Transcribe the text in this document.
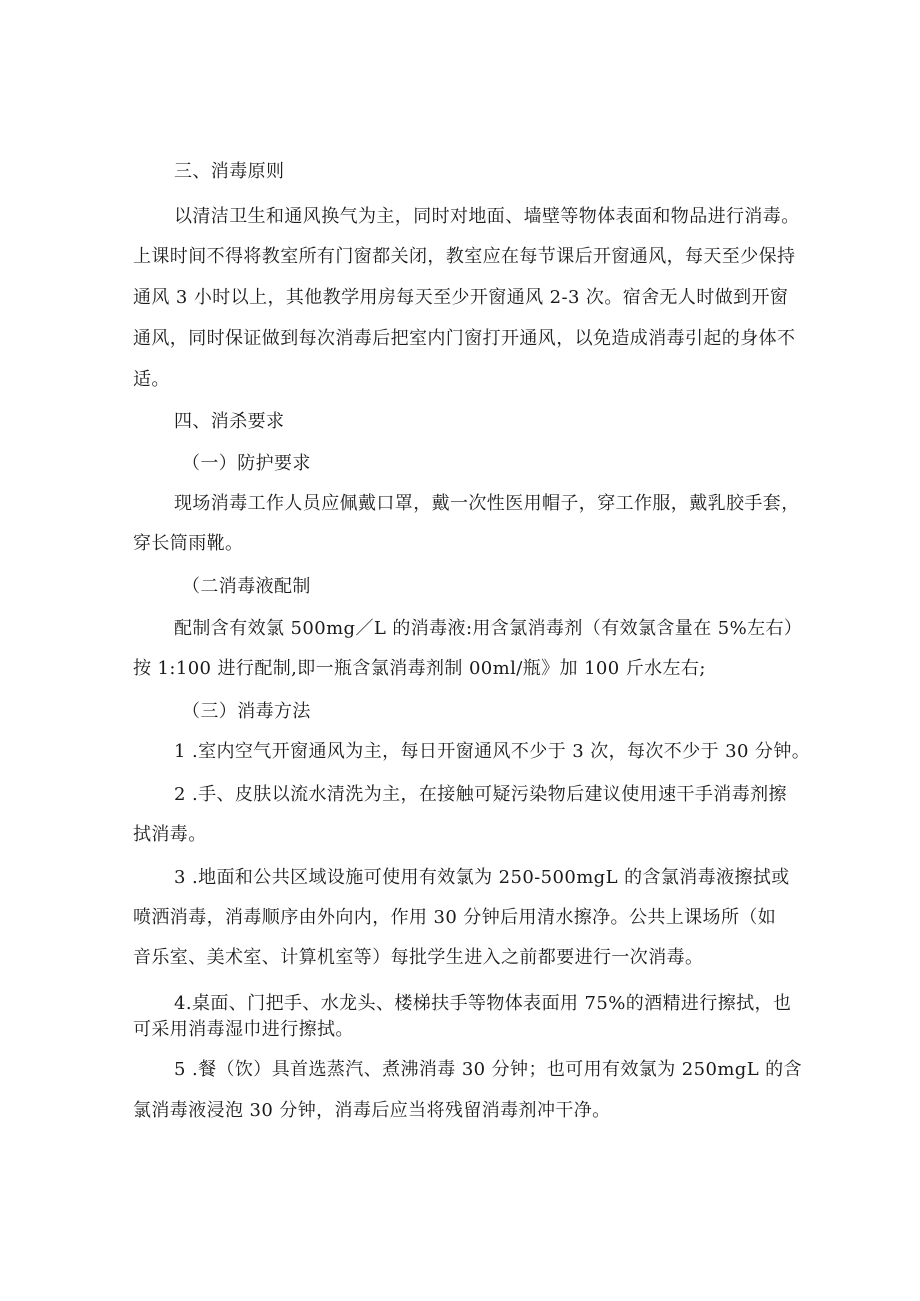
三、消毒原则

以清洁卫生和通风换气为主，同时对地面、墙壁等物体表面和物品进行消毒。

上课时间不得将教室所有门窗都关闭，教室应在每节课后开窗通风，每天至少保持

通风 3 小时以上，其他教学用房每天至少开窗通风 2-3 次。宿舍无人时做到开窗

通风，同时保证做到每次消毒后把室内门窗打开通风，以免造成消毒引起的身体不

适。

四、消杀要求

（一）防护要求

现场消毒工作人员应佩戴口罩，戴一次性医用帽子，穿工作服，戴乳胶手套，

穿长筒雨靴。

（二消毒液配制

配制含有效氯 500mg／L 的消毒液:用含氯消毒剂（有效氯含量在 5%左右）

按 1:100 进行配制,即一瓶含氯消毒剂制 00ml/瓶》加 100 斤水左右;

（三）消毒方法

1 .室内空气开窗通风为主，每日开窗通风不少于 3 次，每次不少于 30 分钟。

2 .手、皮肤以流水清洗为主，在接触可疑污染物后建议使用速干手消毒剂擦

拭消毒。

3 .地面和公共区域设施可使用有效氯为 250-500mgL 的含氯消毒液擦拭或

喷洒消毒，消毒顺序由外向内，作用 30 分钟后用清水擦净。公共上课场所（如

音乐室、美术室、计算机室等）每批学生进入之前都要进行一次消毒。

4.桌面、门把手、水龙头、楼梯扶手等物体表面用 75%的酒精进行擦拭，也

可采用消毒湿巾进行擦拭。

5 .餐（饮）具首选蒸汽、煮沸消毒 30 分钟；也可用有效氯为 250mgL 的含

氯消毒液浸泡 30 分钟，消毒后应当将残留消毒剂冲干净。
